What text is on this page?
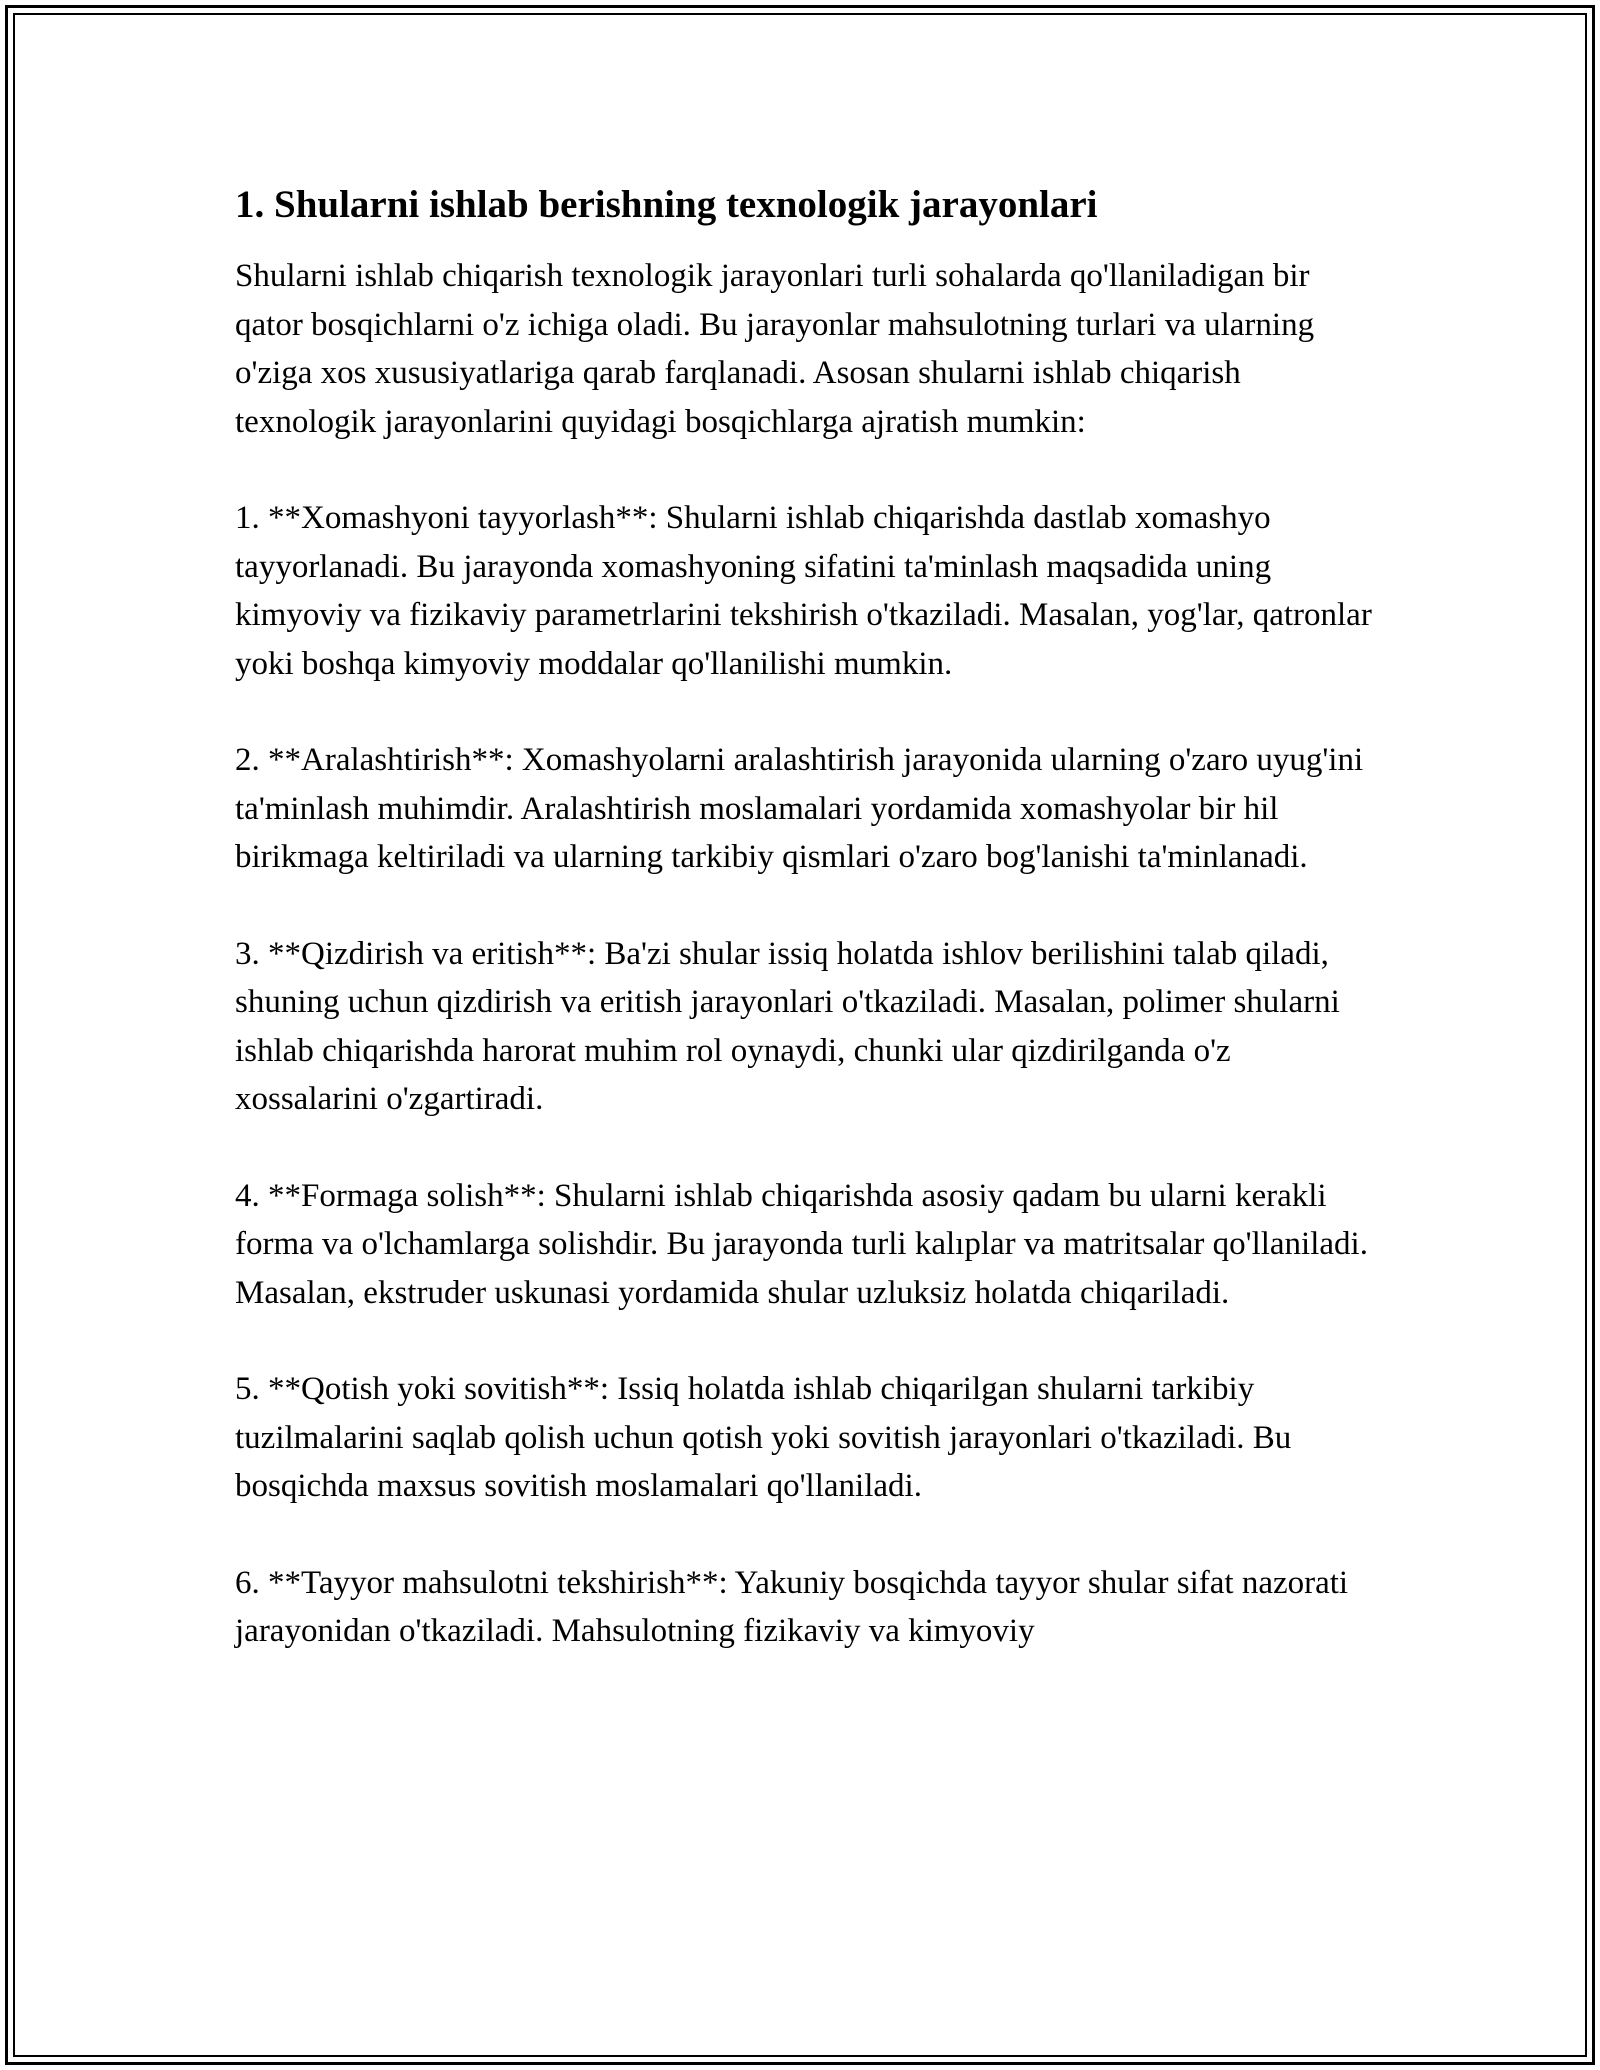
1. Shularni ishlab berishning texnologik jarayonlari

Shularni ishlab chiqarish texnologik jarayonlari turli sohalarda qo'llaniladigan bir qator bosqichlarni o'z ichiga oladi. Bu jarayonlar mahsulotning turlari va ularning o'ziga xos xususiyatlariga qarab farqlanadi. Asosan shularni ishlab chiqarish texnologik jarayonlarini quyidagi bosqichlarga ajratish mumkin:

1. **Xomashyoni tayyorlash**: Shularni ishlab chiqarishda dastlab xomashyo tayyorlanadi. Bu jarayonda xomashyoning sifatini ta'minlash maqsadida uning kimyoviy va fizikaviy parametrlarini tekshirish o'tkaziladi. Masalan, yog'lar, qatronlar yoki boshqa kimyoviy moddalar qo'llanilishi mumkin.

2. **Aralashtirish**: Xomashyolarni aralashtirish jarayonida ularning o'zaro uyug'ini ta'minlash muhimdir. Aralashtirish moslamalari yordamida xomashyolar bir hil birikmaga keltiriladi va ularning tarkibiy qismlari o'zaro bog'lanishi ta'minlanadi.

3. **Qizdirish va eritish**: Ba'zi shular issiq holatda ishlov berilishini talab qiladi, shuning uchun qizdirish va eritish jarayonlari o'tkaziladi. Masalan, polimer shularni ishlab chiqarishda harorat muhim rol oynaydi, chunki ular qizdirilganda o'z xossalarini o'zgartiradi.

4. **Formaga solish**: Shularni ishlab chiqarishda asosiy qadam bu ularni kerakli forma va o'lchamlarga solishdir. Bu jarayonda turli kalıplar va matritsalar qo'llaniladi. Masalan, ekstruder uskunasi yordamida shular uzluksiz holatda chiqariladi.

5. **Qotish yoki sovitish**: Issiq holatda ishlab chiqarilgan shularni tarkibiy tuzilmalarini saqlab qolish uchun qotish yoki sovitish jarayonlari o'tkaziladi. Bu bosqichda maxsus sovitish moslamalari qo'llaniladi.

6. **Tayyor mahsulotni tekshirish**: Yakuniy bosqichda tayyor shular sifat nazorati jarayonidan o'tkaziladi. Mahsulotning fizikaviy va kimyoviy
